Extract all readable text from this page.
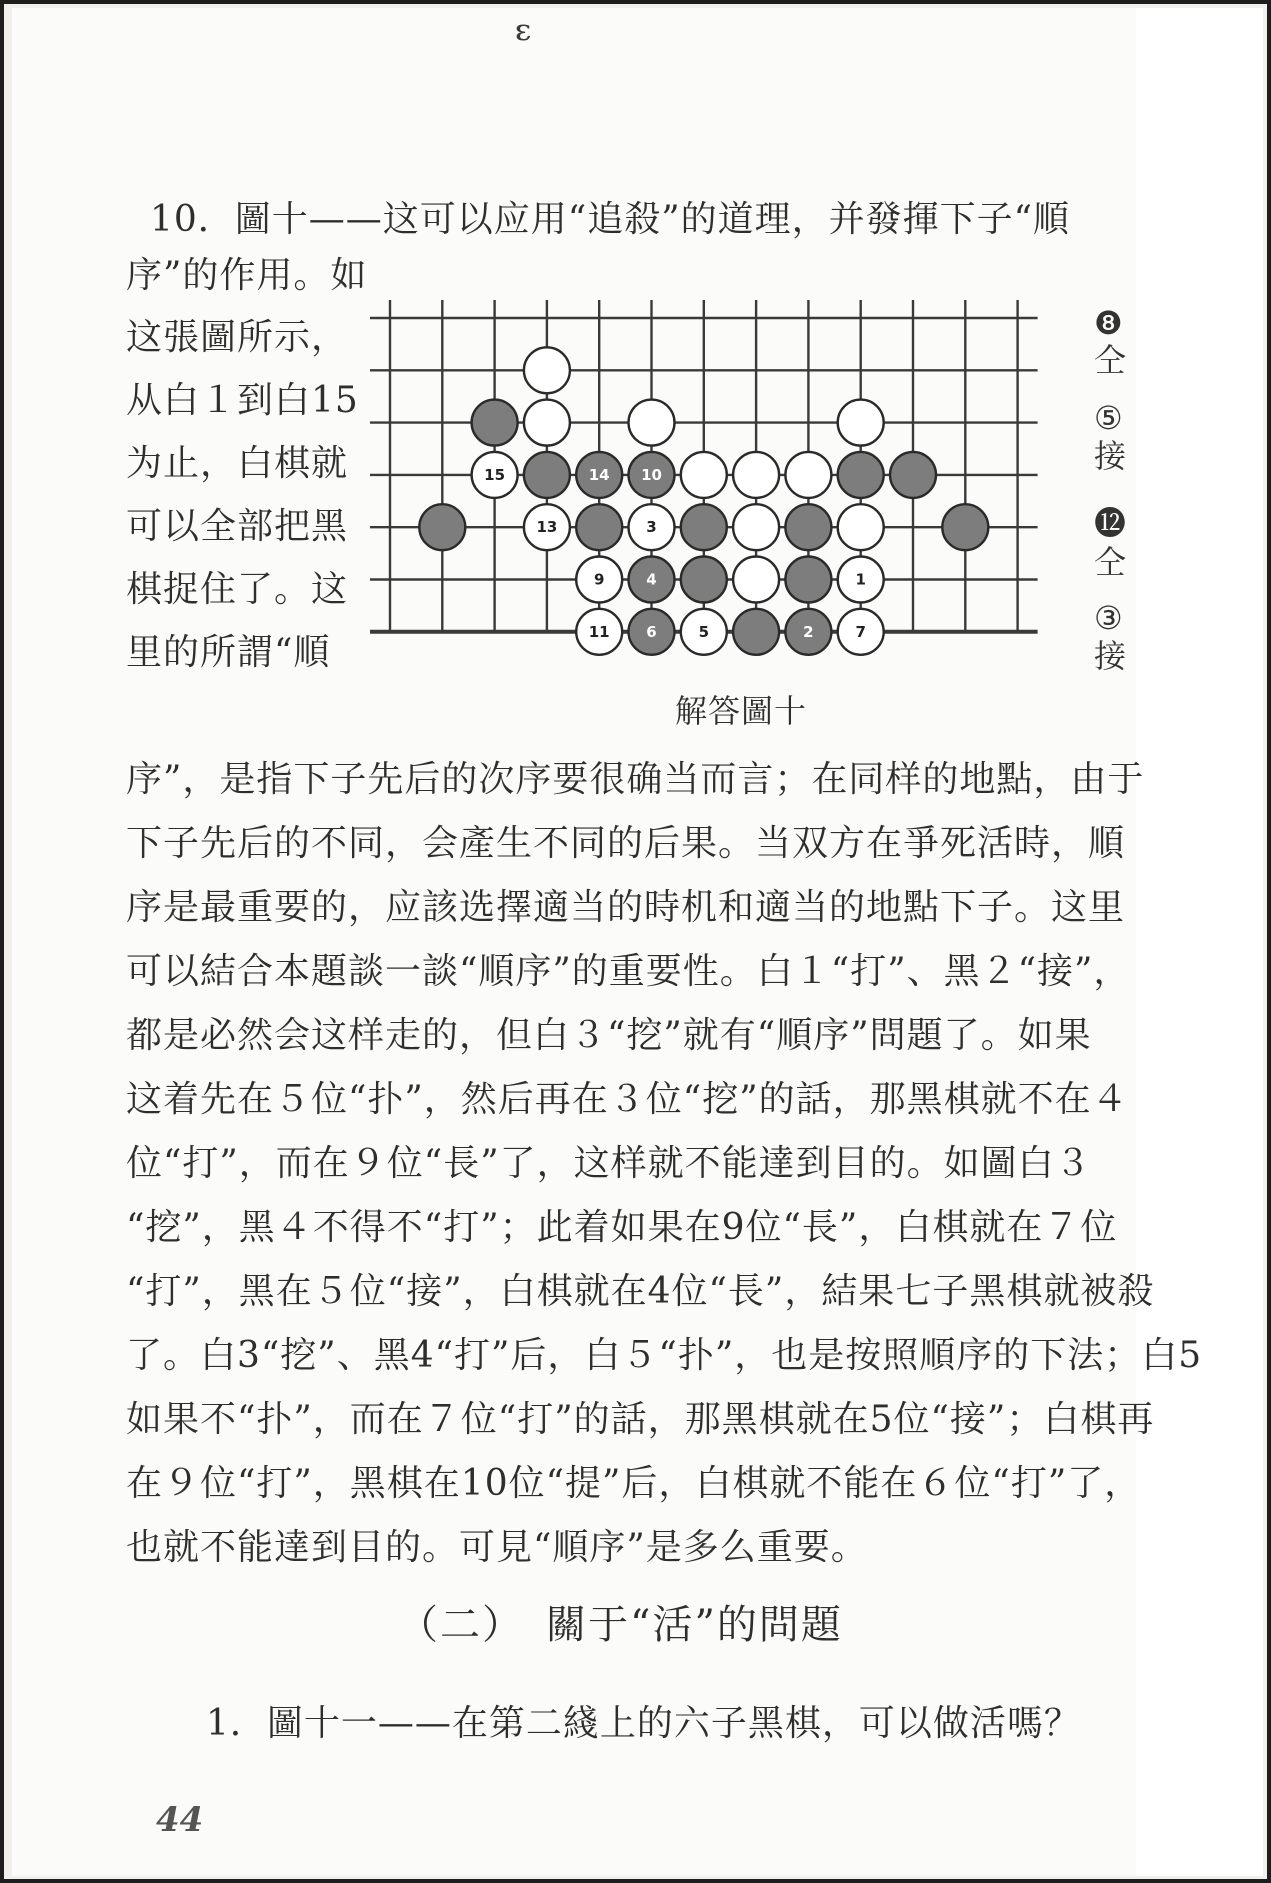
ᵋ
10．圖十——这可以应用“追殺”的道理，并發揮下子“順
序”的作用。如
这張圖所示，
从白１到白15
为止，白棋就
可以全部把黑
棋捉住了。这
里的所謂“順
15	14 10
13	3
9	4	1
11 6	5	2	7
❽
仝
⑤
接
⓬
仝
③
接
解答圖十
序”，是指下子先后的次序要很确当而言；在同样的地點，由于
下子先后的不同，会產生不同的后果。当双方在爭死活時，順
序是最重要的，应該选擇適当的時机和適当的地點下子。这里
可以結合本題談一談“順序”的重要性。白１“打”、黑２“接”，
都是必然会这样走的，但白３“挖”就有“順序”問題了。如果
这着先在５位“扑”，然后再在３位“挖”的話，那黑棋就不在４
位“打”，而在９位“長”了，这样就不能達到目的。如圖白３
“挖”，黑４不得不“打”；此着如果在9位“長”，白棋就在７位
“打”，黑在５位“接”，白棋就在4位“長”，結果七子黑棋就被殺
了。白3“挖”、黑4“打”后，白５“扑”，也是按照順序的下法；白5
如果不“扑”，而在７位“打”的話，那黑棋就在5位“接”；白棋再
在９位“打”，黑棋在10位“提”后，白棋就不能在６位“打”了，
也就不能達到目的。可見“順序”是多么重要。
（二）　關于“活”的問題
1．圖十一——在第二綫上的六子黑棋，可以做活嗎？
44
